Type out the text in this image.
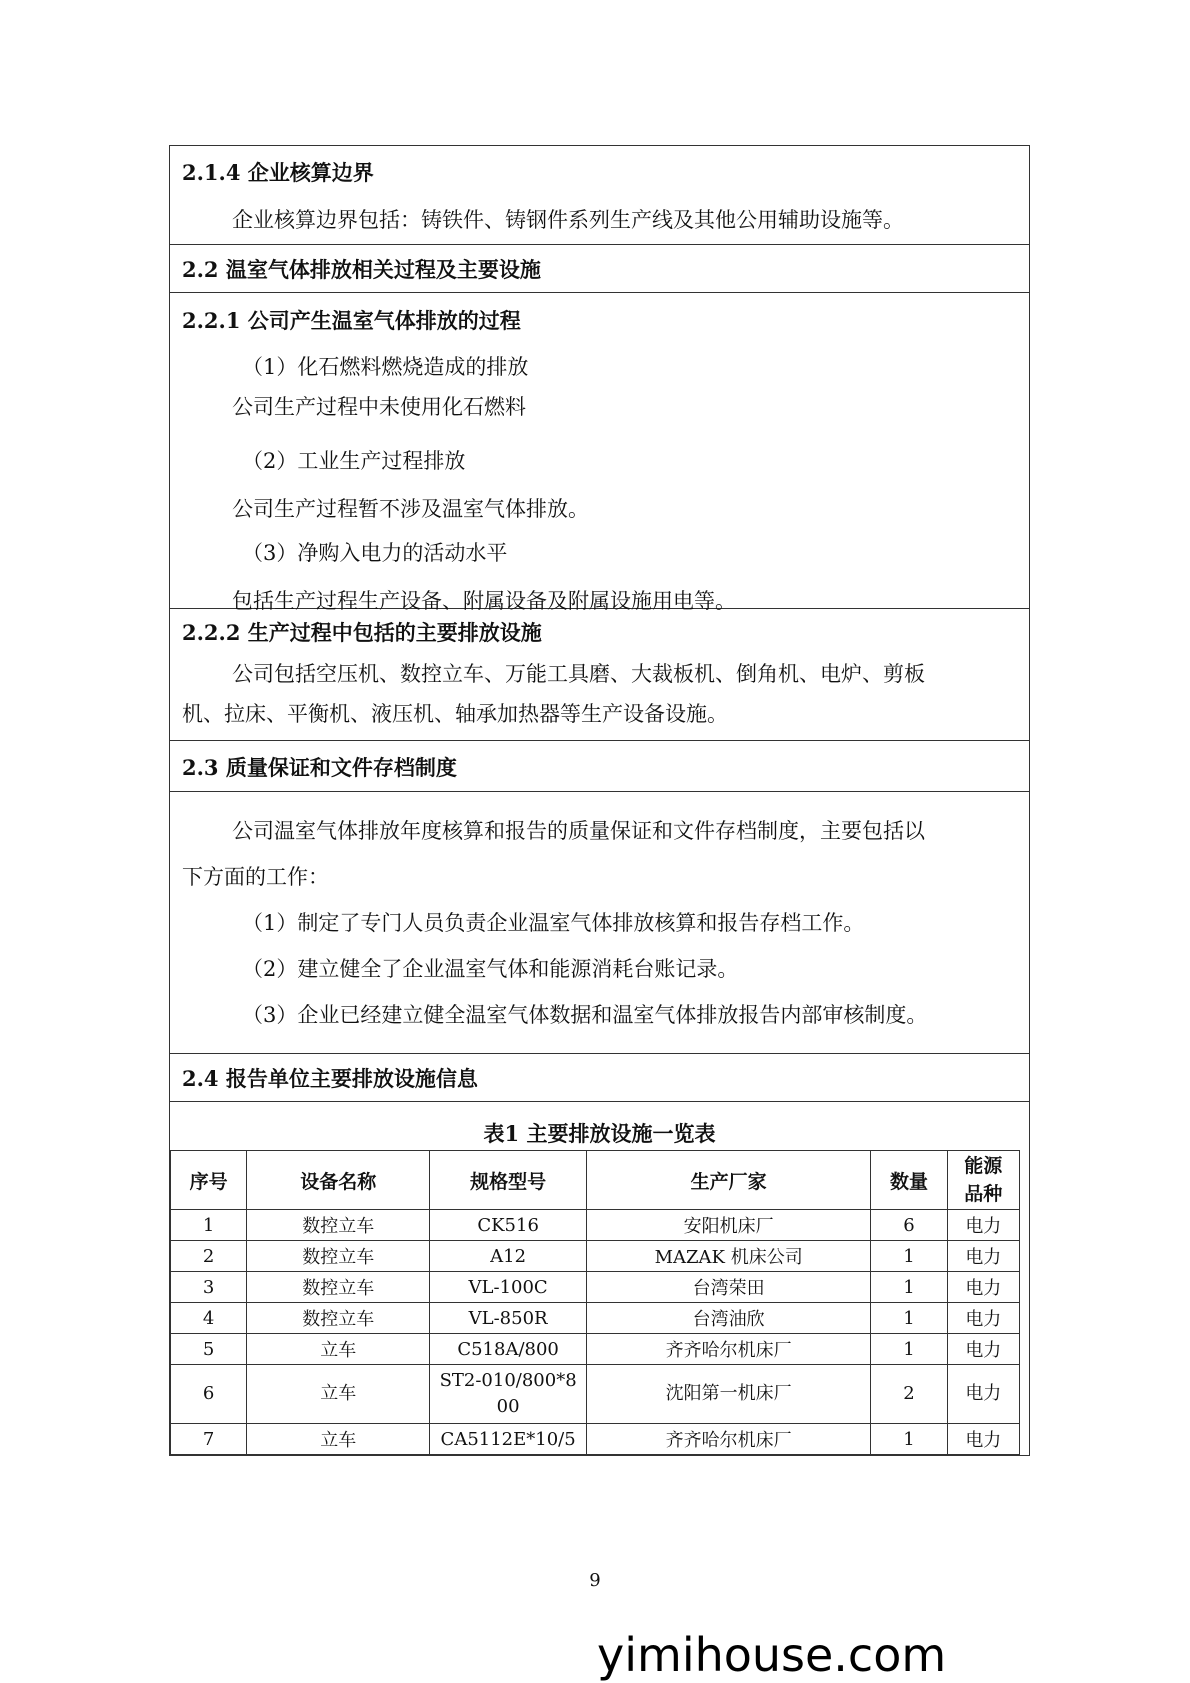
2.1.4 企业核算边界
企业核算边界包括：铸铁件、铸钢件系列生产线及其他公用辅助设施等。
2.2 温室气体排放相关过程及主要设施
2.2.1 公司产生温室气体排放的过程
（1）化石燃料燃烧造成的排放
公司生产过程中未使用化石燃料
（2）工业生产过程排放
公司生产过程暂不涉及温室气体排放。
（3）净购入电力的活动水平
包括生产过程生产设备、附属设备及附属设施用电等。
2.2.2 生产过程中包括的主要排放设施
公司包括空压机、数控立车、万能工具磨、大裁板机、倒角机、电炉、剪板
机、拉床、平衡机、液压机、轴承加热器等生产设备设施。
2.3 质量保证和文件存档制度
公司温室气体排放年度核算和报告的质量保证和文件存档制度，主要包括以
下方面的工作：
（1）制定了专门人员负责企业温室气体排放核算和报告存档工作。
（2）建立健全了企业温室气体和能源消耗台账记录。
（3）企业已经建立健全温室气体数据和温室气体排放报告内部审核制度。
2.4 报告单位主要排放设施信息
表1 主要排放设施一览表
序号	设备名称	规格型号	生产厂家	数量	能源
品种
1	数控立车	CK516	安阳机床厂	6	电力
2	数控立车	A12	MAZAK 机床公司	1	电力
3	数控立车	VL-100C	台湾荣田	1	电力
4	数控立车	VL-850R	台湾油欣	1	电力
5	立车	C518A/800	齐齐哈尔机床厂	1	电力
6	立车	ST2-010/800*8
00	沈阳第一机床厂	2	电力
7	立车	CA5112E*10/5	齐齐哈尔机床厂	1	电力
9
yimihouse.com
